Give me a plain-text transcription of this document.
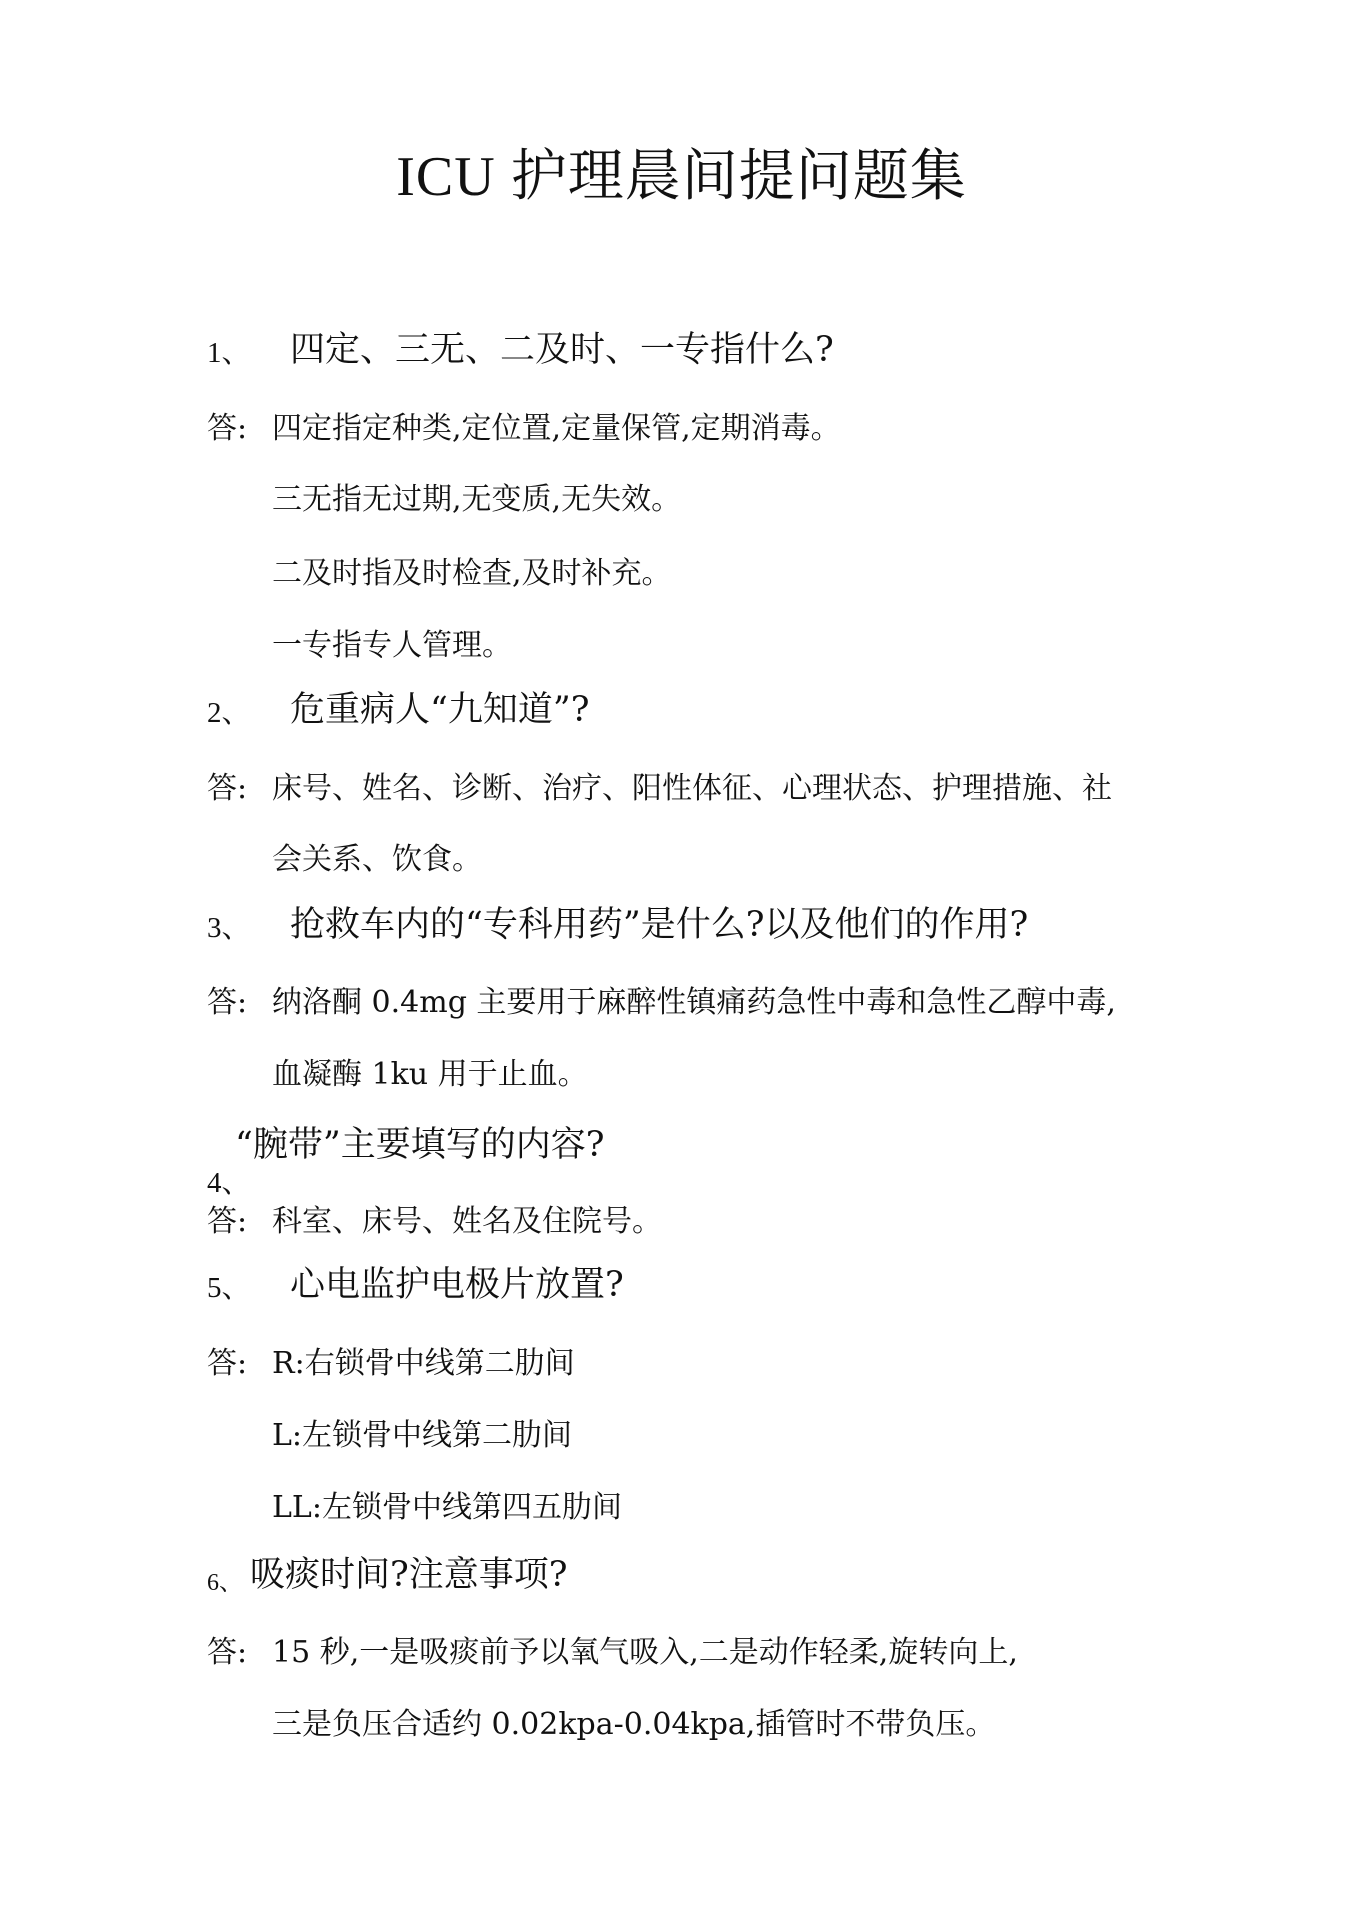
ICU 护理晨间提问题集
1、 四定、三无、二及时、一专指什么?
答: 四定指定种类,定位置,定量保管,定期消毒。
三无指无过期,无变质,无失效。
二及时指及时检查,及时补充。
一专指专人管理。
2、 危重病人“九知道”?
答: 床号、姓名、诊断、治疗、阳性体征、心理状态、护理措施、社
会关系、饮食。
3、 抢救车内的“专科用药”是什么?以及他们的作用?
答: 纳洛酮 0.4mg 主要用于麻醉性镇痛药急性中毒和急性乙醇中毒,
血凝酶 1ku 用于止血。
“腕带”主要填写的内容?
4、
答: 科室、床号、姓名及住院号。
5、 心电监护电极片放置?
答: R:右锁骨中线第二肋间
L:左锁骨中线第二肋间
LL:左锁骨中线第四五肋间
6、 吸痰时间?注意事项?
答: 15 秒,一是吸痰前予以氧气吸入,二是动作轻柔,旋转向上,
三是负压合适约 0.02kpa-0.04kpa,插管时不带负压。
